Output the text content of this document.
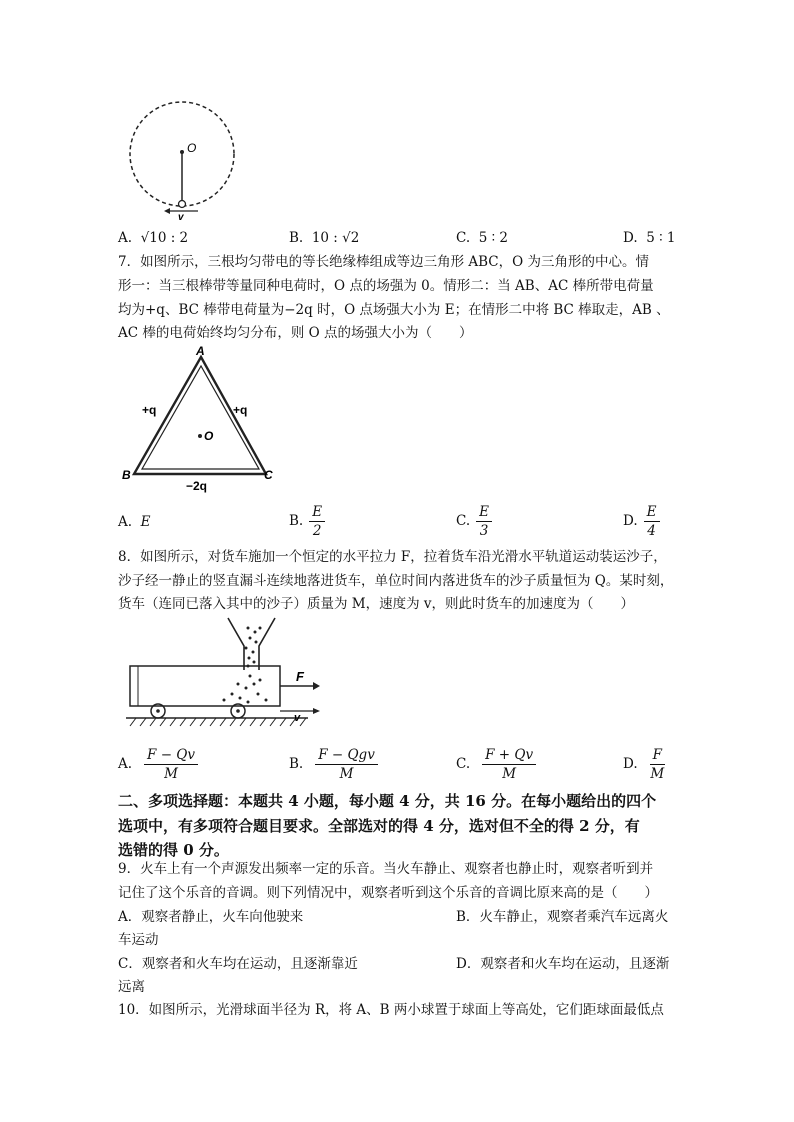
O
v
A. √10 : 2	B. 10 : √2	C. 5 ∶ 2	D. 5 ∶ 1
7．如图所示，三根均匀带电的等长绝缘棒组成等边三角形 ABC，O 为三角形的中心。情
形一：当三根棒带等量同种电荷时，O 点的场强为 0。情形二：当 AB、AC 棒所带电荷量
均为+q、BC 棒带电荷量为−2q 时，O 点场强大小为 E；在情形二中将 BC 棒取走，AB 、
AC 棒的电荷始终均匀分布，则 O 点的场强大小为（　　）
A
B	C
O
+q	+q
−2q
A. E	B. $\frac{E}{2}$	C. $\frac{E}{3}$	D. $\frac{E}{4}$
8．如图所示，对货车施加一个恒定的水平拉力 F，拉着货车沿光滑水平轨道运动装运沙子，
沙子经一静止的竖直漏斗连续地落进货车，单位时间内落进货车的沙子质量恒为 Q。某时刻，
货车（连同已落入其中的沙子）质量为 M，速度为 v，则此时货车的加速度为（　　）
F
v
A. $\frac{F - Qv}{M}$	B. $\frac{\text{F − Qgv}}{M}$	C. $\frac{F + Qv}{M}$	D. $\frac{F}{M}$
二、多项选择题：本题共 4 小题，每小题 4 分，共 16 分。在每小题给出的四个
选项中，有多项符合题目要求。全部选对的得 4 分，选对但不全的得 2 分，有
选错的得 0 分。
9．火车上有一个声源发出频率一定的乐音。当火车静止、观察者也静止时，观察者听到并
记住了这个乐音的音调。则下列情况中，观察者听到这个乐音的音调比原来高的是（　　）
A．观察者静止，火车向他驶来	B．火车静止，观察者乘汽车远离火
车运动
C．观察者和火车均在运动，且逐渐靠近	D．观察者和火车均在运动，且逐渐
远离
10．如图所示，光滑球面半径为 R，将 A、B 两小球置于球面上等高处，它们距球面最低点
